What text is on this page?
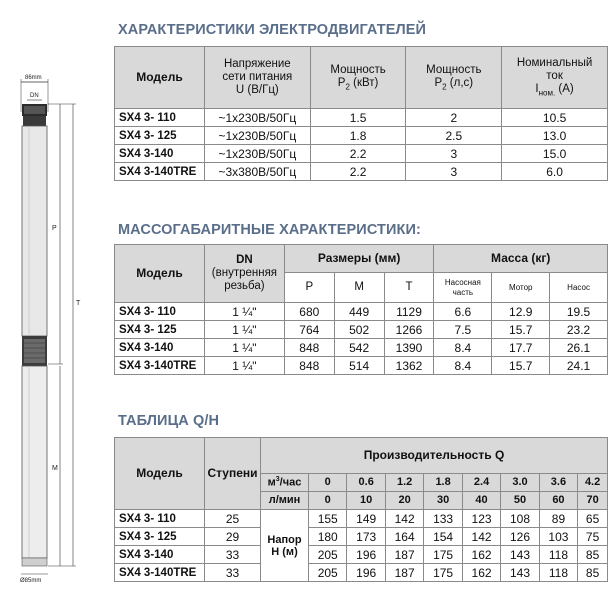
86mm
DN
Ø85mm
P
T
M
ХАРАКТЕРИСТИКИ ЭЛЕКТРОДВИГАТЕЛЕЙ
Модель	Напряжение
сети питания
U (В/Гц)	Мощность
$P_2$ (кВт)	Мощность
$P_2$ (л,с)	Номинальный
ток
$I_{ном.}$ (А)
SX4 3- 110	~1x230В/50Гц	1.5	2	10.5
SX4 3- 125	~1x230В/50Гц	1.8	2.5	13.0
SX4 3-140	~1x230В/50Гц	2.2	3	15.0
SX4 3-140TRE	~3x380В/50Гц	2.2	3	6.0
МАССОГАБАРИТНЫЕ ХАРАКТЕРИСТИКИ:
Модель	DN
(внутренняя
резьба)	Размеры (мм)			Масса (кг)		
		P	M	T	Насосная
часть	Мотор	Насос
SX4 3- 110	1 ¼"	680	449	1129	6.6	12.9	19.5
SX4 3- 125	1 ¼"	764	502	1266	7.5	15.7	23.2
SX4 3-140	1 ¼"	848	542	1390	8.4	17.7	26.1
SX4 3-140TRE	1 ¼"	848	514	1362	8.4	15.7	24.1
ТАБЛИЦА Q/H
Модель	Ступени	Производительность Q								
		$м^3$/час	0	0.6	1.2	1.8	2.4	3.0	3.6	4.2
		л/мин	0	10	20	30	40	50	60	70
SX4 3- 110	25	Напор
Н (м)	155	149	142	133	123	108	89	65
SX4 3- 125	29		180	173	164	154	142	126	103	75
SX4 3-140	33		205	196	187	175	162	143	118	85
SX4 3-140TRE	33		205	196	187	175	162	143	118	85
